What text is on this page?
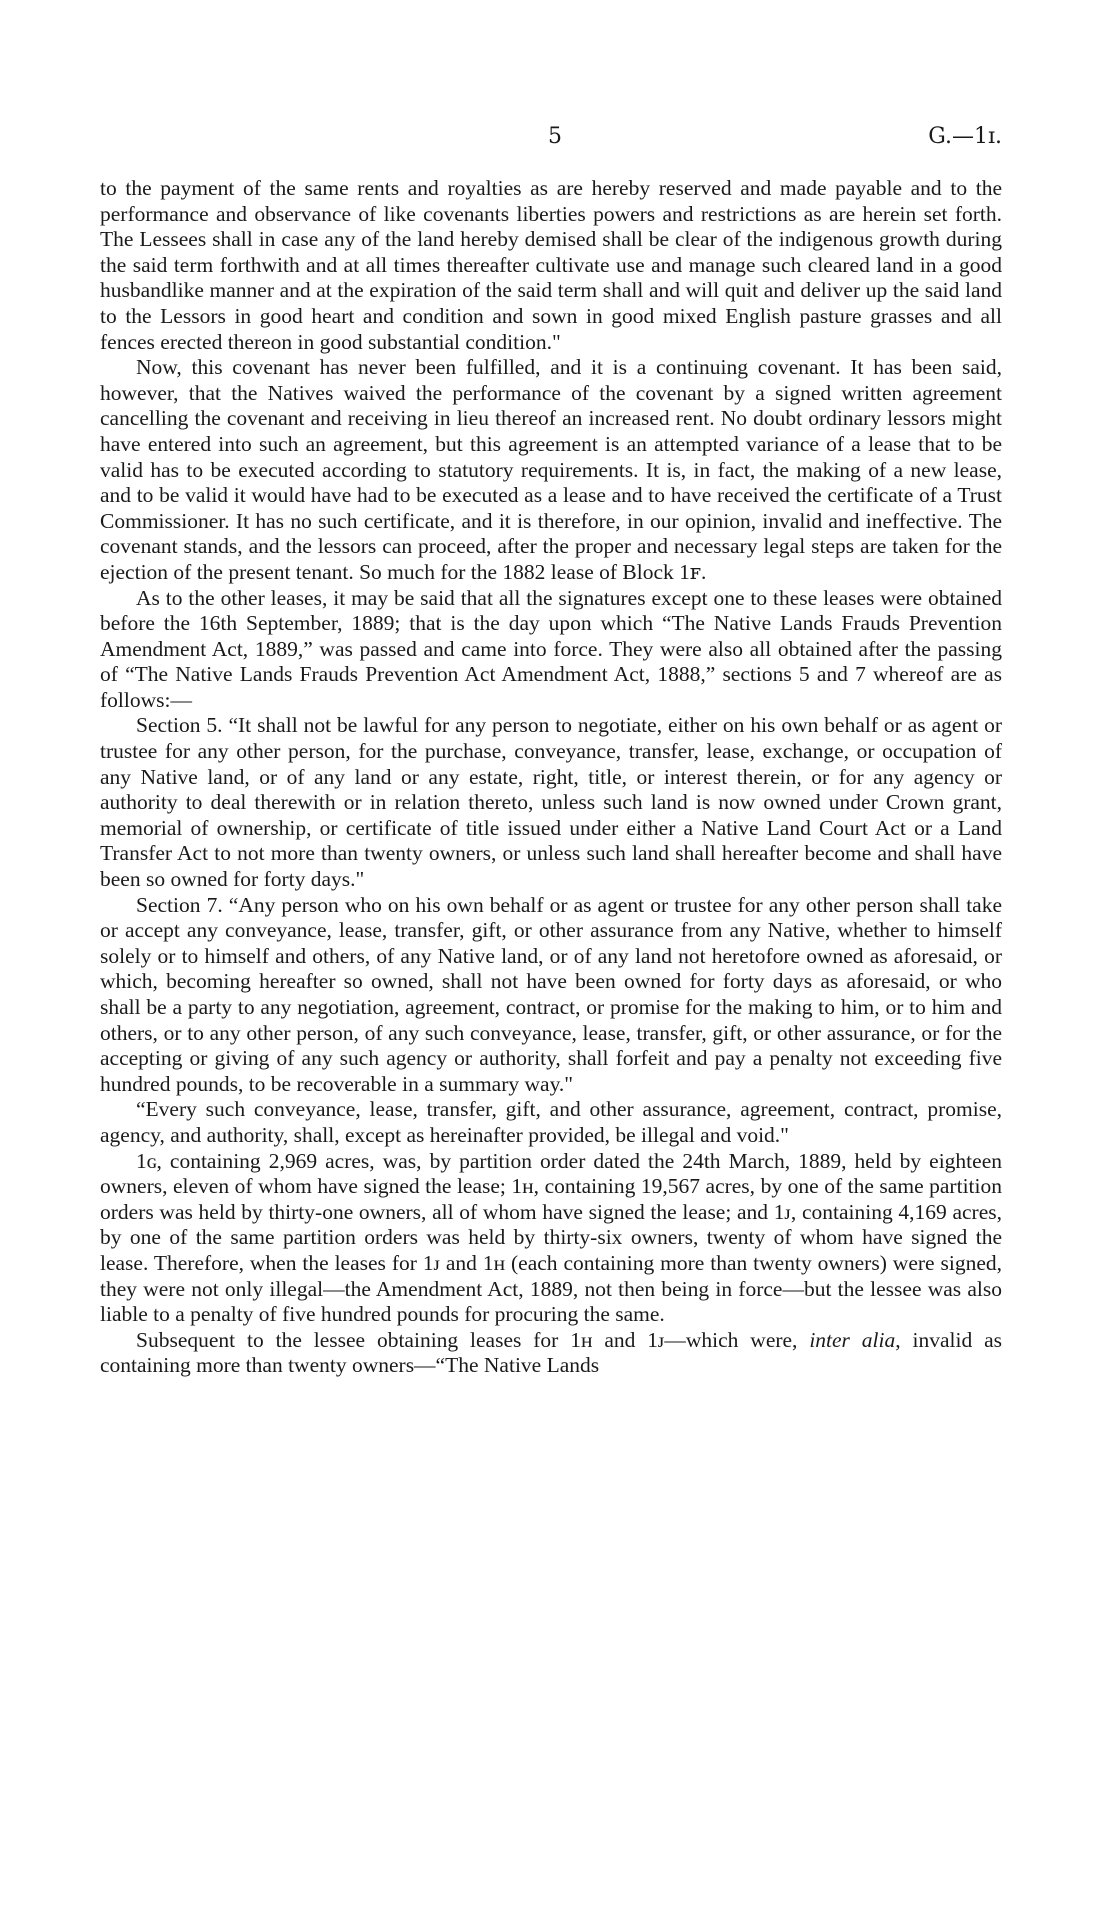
5	G.—1ɪ.

to the payment of the same rents and royalties as are hereby reserved and made payable and to the performance and observance of like covenants liberties powers and restrictions as are herein set forth. The Lessees shall in case any of the land hereby demised shall be clear of the indigenous growth during the said term forthwith and at all times thereafter cultivate use and manage such cleared land in a good husbandlike manner and at the expiration of the said term shall and will quit and deliver up the said land to the Lessors in good heart and condition and sown in good mixed English pasture grasses and all fences erected thereon in good substantial condition."

Now, this covenant has never been fulfilled, and it is a continuing covenant. It has been said, however, that the Natives waived the performance of the covenant by a signed written agreement cancelling the covenant and receiving in lieu thereof an increased rent. No doubt ordinary lessors might have entered into such an agreement, but this agreement is an attempted variance of a lease that to be valid has to be executed according to statutory requirements. It is, in fact, the making of a new lease, and to be valid it would have had to be executed as a lease and to have received the certificate of a Trust Commissioner. It has no such certificate, and it is therefore, in our opinion, invalid and ineffective. The covenant stands, and the lessors can proceed, after the proper and necessary legal steps are taken for the ejection of the present tenant. So much for the 1882 lease of Block 1ꜰ.

As to the other leases, it may be said that all the signatures except one to these leases were obtained before the 16th September, 1889; that is the day upon which “The Native Lands Frauds Prevention Amendment Act, 1889,” was passed and came into force. They were also all obtained after the passing of “The Native Lands Frauds Prevention Act Amendment Act, 1888,” sections 5 and 7 whereof are as follows:—

Section 5. “It shall not be lawful for any person to negotiate, either on his own behalf or as agent or trustee for any other person, for the purchase, conveyance, transfer, lease, exchange, or occupation of any Native land, or of any land or any estate, right, title, or interest therein, or for any agency or authority to deal therewith or in relation thereto, unless such land is now owned under Crown grant, memorial of ownership, or certificate of title issued under either a Native Land Court Act or a Land Transfer Act to not more than twenty owners, or unless such land shall hereafter become and shall have been so owned for forty days."

Section 7. “Any person who on his own behalf or as agent or trustee for any other person shall take or accept any conveyance, lease, transfer, gift, or other assurance from any Native, whether to himself solely or to himself and others, of any Native land, or of any land not heretofore owned as aforesaid, or which, becoming hereafter so owned, shall not have been owned for forty days as aforesaid, or who shall be a party to any negotiation, agreement, contract, or promise for the making to him, or to him and others, or to any other person, of any such conveyance, lease, transfer, gift, or other assurance, or for the accepting or giving of any such agency or authority, shall forfeit and pay a penalty not exceeding five hundred pounds, to be recoverable in a summary way."

“Every such conveyance, lease, transfer, gift, and other assurance, agreement, contract, promise, agency, and authority, shall, except as hereinafter provided, be illegal and void."

1ɢ, containing 2,969 acres, was, by partition order dated the 24th March, 1889, held by eighteen owners, eleven of whom have signed the lease; 1ʜ, containing 19,567 acres, by one of the same partition orders was held by thirty-one owners, all of whom have signed the lease; and 1ᴊ, containing 4,169 acres, by one of the same partition orders was held by thirty-six owners, twenty of whom have signed the lease. Therefore, when the leases for 1ᴊ and 1ʜ (each containing more than twenty owners) were signed, they were not only illegal—the Amendment Act, 1889, not then being in force—but the lessee was also liable to a penalty of five hundred pounds for procuring the same.

Subsequent to the lessee obtaining leases for 1ʜ and 1ᴊ—which were, inter alia, invalid as containing more than twenty owners—“The Native Lands
